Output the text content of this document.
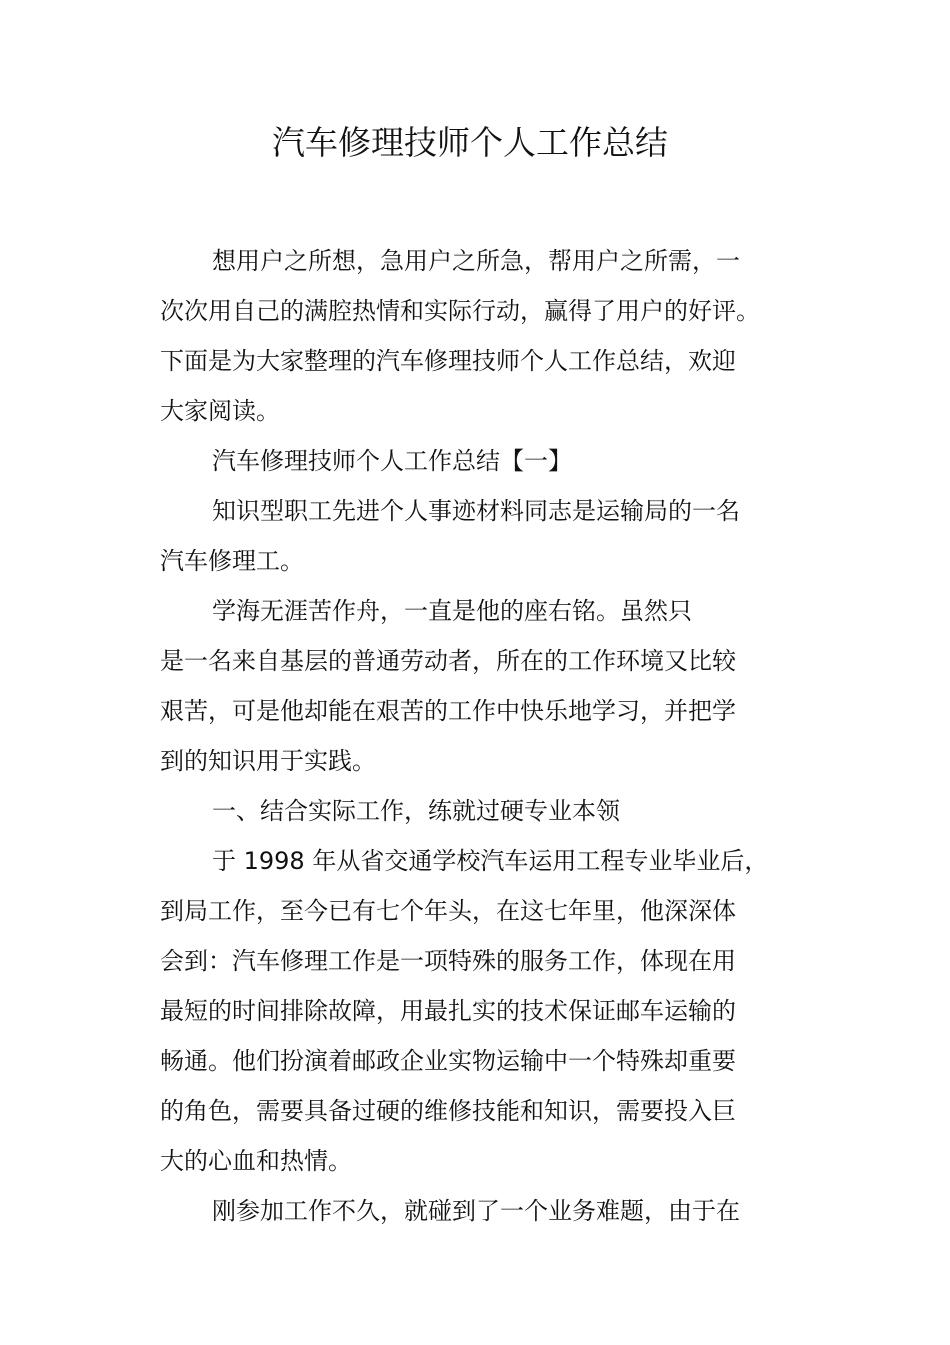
汽车修理技师个人工作总结

想用户之所想，急用户之所急，帮用户之所需，一

次次用自己的满腔热情和实际行动，赢得了用户的好评。

下面是为大家整理的汽车修理技师个人工作总结，欢迎

大家阅读。

汽车修理技师个人工作总结【一】

知识型职工先进个人事迹材料同志是运输局的一名

汽车修理工。

学海无涯苦作舟，一直是他的座右铭。虽然只

是一名来自基层的普通劳动者，所在的工作环境又比较

艰苦，可是他却能在艰苦的工作中快乐地学习，并把学

到的知识用于实践。

一、结合实际工作，练就过硬专业本领

于 1998 年从省交通学校汽车运用工程专业毕业后，

到局工作，至今已有七个年头，在这七年里，他深深体

会到：汽车修理工作是一项特殊的服务工作，体现在用

最短的时间排除故障，用最扎实的技术保证邮车运输的

畅通。他们扮演着邮政企业实物运输中一个特殊却重要

的角色，需要具备过硬的维修技能和知识，需要投入巨

大的心血和热情。

刚参加工作不久，就碰到了一个业务难题，由于在
